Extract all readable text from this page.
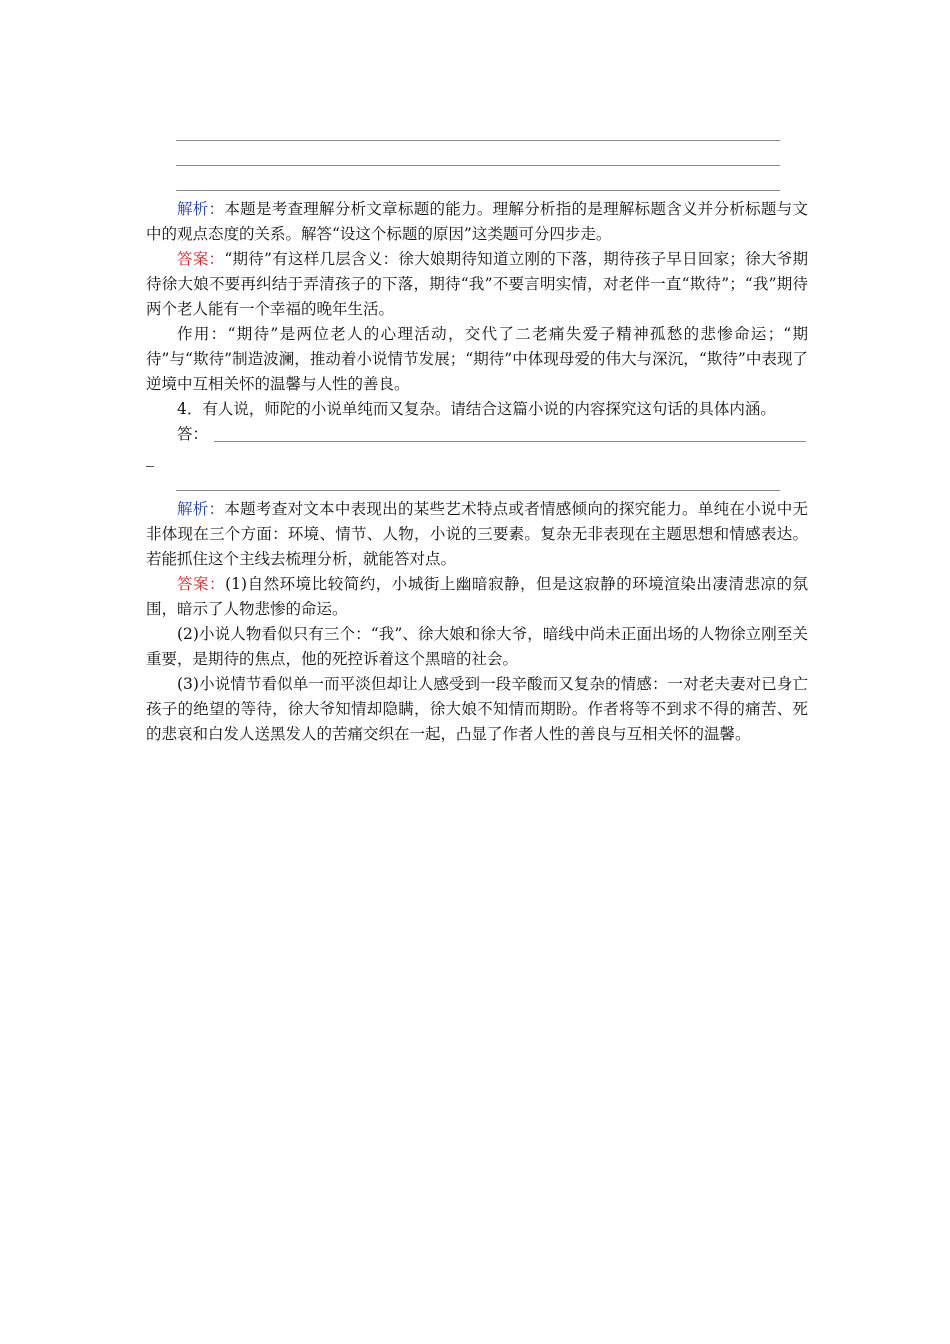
解析：本题是考查理解分析文章标题的能力。理解分析指的是理解标题含义并分析标题与文中的观点态度的关系。解答“设这个标题的原因”这类题可分四步走。
答案：“期待”有这样几层含义：徐大娘期待知道立刚的下落，期待孩子早日回家；徐大爷期待徐大娘不要再纠结于弄清孩子的下落，期待“我”不要言明实情，对老伴一直“欺待”；“我”期待两个老人能有一个幸福的晚年生活。
作用：“期待”是两位老人的心理活动，交代了二老痛失爱子精神孤愁的悲惨命运；“期待”与“欺待”制造波澜，推动着小说情节发展；“期待”中体现母爱的伟大与深沉，“欺待”中表现了逆境中互相关怀的温馨与人性的善良。
4．有人说，师陀的小说单纯而又复杂。请结合这篇小说的内容探究这句话的具体内涵。
答：
解析：本题考查对文本中表现出的某些艺术特点或者情感倾向的探究能力。单纯在小说中无非体现在三个方面：环境、情节、人物，小说的三要素。复杂无非表现在主题思想和情感表达。若能抓住这个主线去梳理分析，就能答对点。
答案：(1)自然环境比较简约，小城街上幽暗寂静，但是这寂静的环境渲染出凄清悲凉的氛围，暗示了人物悲惨的命运。
(2)小说人物看似只有三个：“我”、徐大娘和徐大爷，暗线中尚未正面出场的人物徐立刚至关重要，是期待的焦点，他的死控诉着这个黑暗的社会。
(3)小说情节看似单一而平淡但却让人感受到一段辛酸而又复杂的情感：一对老夫妻对已身亡孩子的绝望的等待，徐大爷知情却隐瞒，徐大娘不知情而期盼。作者将等不到求不得的痛苦、死的悲哀和白发人送黑发人的苦痛交织在一起，凸显了作者人性的善良与互相关怀的温馨。
